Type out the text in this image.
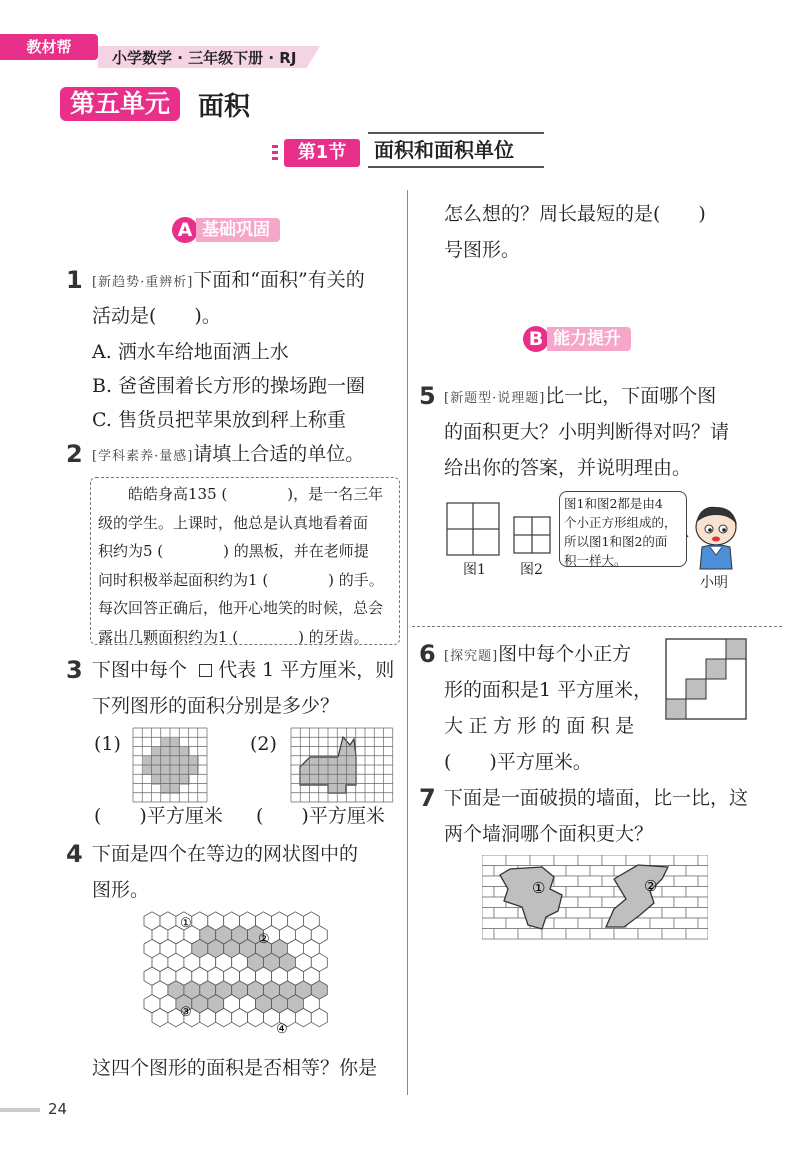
教材帮
小学数学 · 三年级下册 · RJ
第五单元	面积
第1节	面积和面积单位
A 基础巩固
1 [新趋势·重辨析]下面和“面积”有关的
活动是(　　)。
A. 洒水车给地面洒上水
B. 爸爸围着长方形的操场跑一圈
C. 售货员把苹果放到秤上称重
2 [学科素养·量感]请填上合适的单位。
　　皓皓身高135 (　　　　)，是一名三年
级的学生。上课时，他总是认真地看着面
积约为5 (　　　　) 的黑板，并在老师提
问时积极举起面积约为1 (　　　　) 的手。
每次回答正确后，他开心地笑的时候，总会
露出几颗面积约为1 (　　　　) 的牙齿。
3 下图中每个 代表 1 平方厘米，则
下列图形的面积分别是多少？
(1)	(2)
(　　)平方厘米 (　　)平方厘米
4 下面是四个在等边的网状图中的
图形。
①
②
③
④
这四个图形的面积是否相等？你是
怎么想的？周长最短的是(　　)
号图形。
B 能力提升
5 [新题型·说理题]比一比，下面哪个图
的面积更大？小明判断得对吗？请
给出你的答案，并说明理由。
图1 图2
图1和图2都是由4
个小正方形组成的，
所以图1和图2的面
积一样大。
小明
6 [探究题]图中每个小正方
形的面积是1 平方厘米，
大 正 方 形 的 面 积 是
(　　)平方厘米。
7 下面是一面破损的墙面，比一比，这
两个墙洞哪个面积更大？
①	②
24
